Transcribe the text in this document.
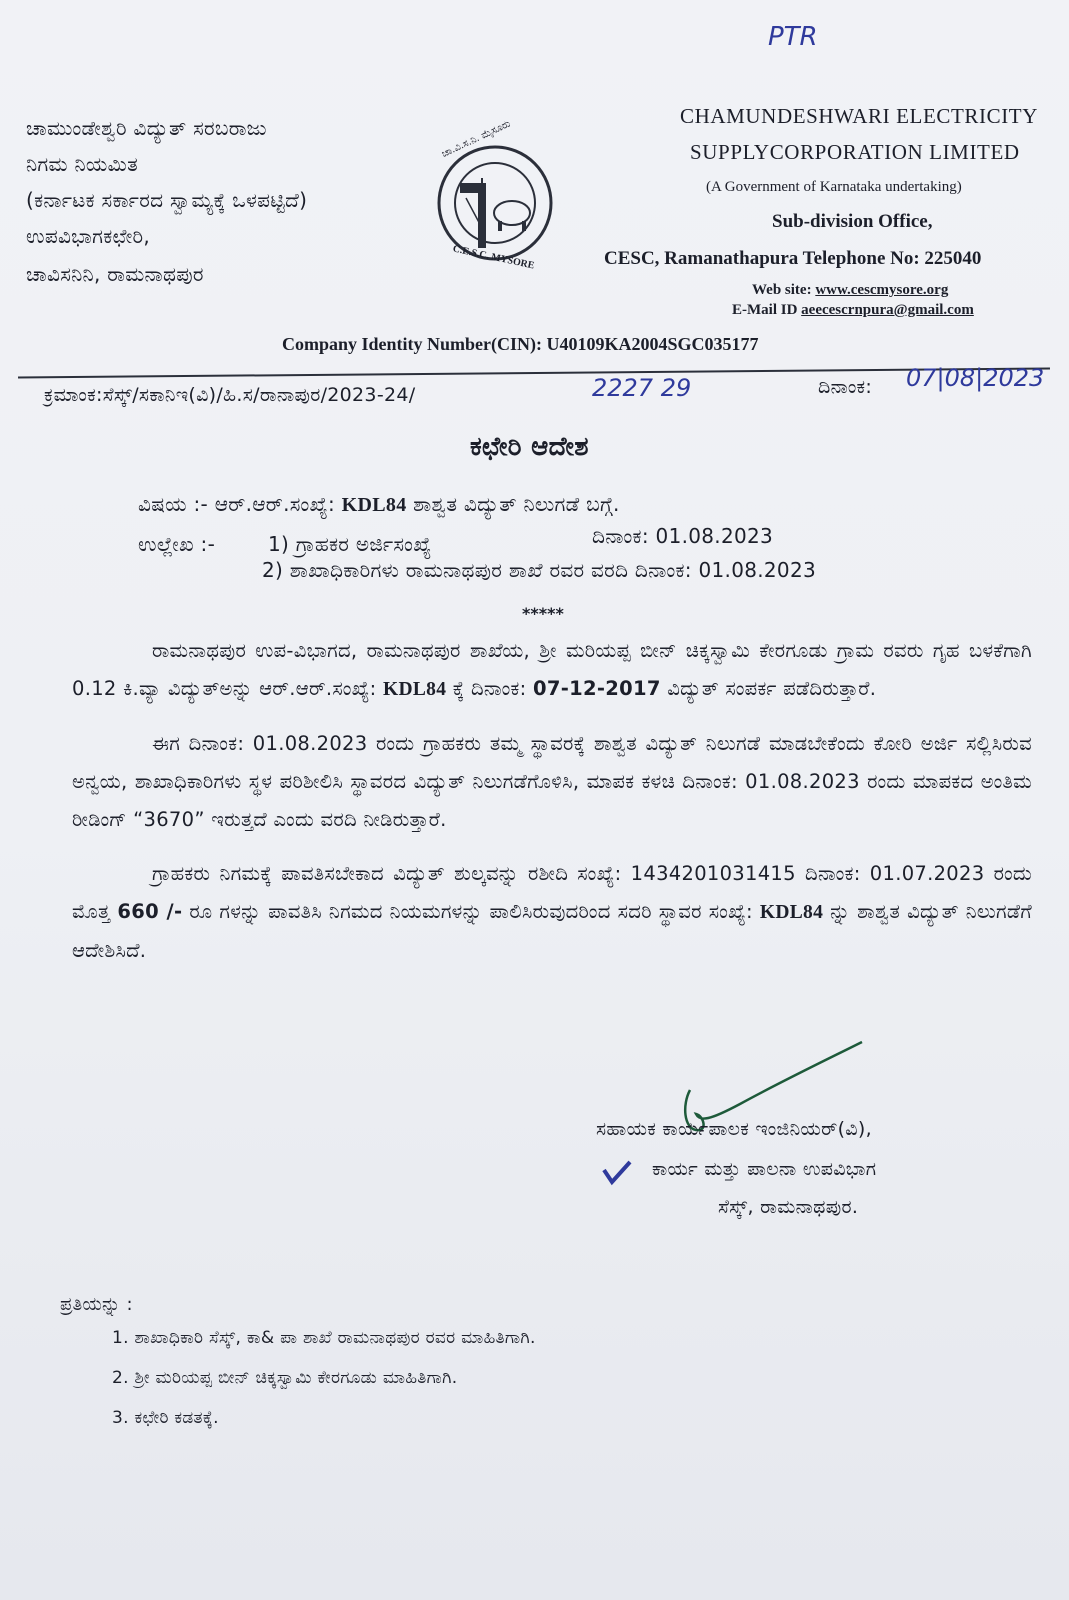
PTR
ಚಾಮುಂಡೇಶ್ವರಿ ವಿದ್ಯುತ್ ಸರಬರಾಜು
ನಿಗಮ ನಿಯಮಿತ
(ಕರ್ನಾಟಕ ಸರ್ಕಾರದ ಸ್ವಾಮ್ಯಕ್ಕೆ ಒಳಪಟ್ಟಿದೆ)
ಉಪವಿಭಾಗಕಛೇರಿ,
ಚಾವಿಸನಿನಿ, ರಾಮನಾಥಪುರ
ಚಾ.ವಿ.ಸ.ನಿ. ಮೈಸೂರು
C.E.S.C. MYSORE
CHAMUNDESHWARI ELECTRICITY
SUPPLYCORPORATION LIMITED
(A Government of Karnataka undertaking)
Sub-division Office,
CESC, Ramanathapura Telephone No: 225040
Web site: www.cescmysore.org
E-Mail ID aeecescrnpura@gmail.com
Company Identity Number(CIN): U40109KA2004SGC035177
ಕ್ರಮಾಂಕ:ಸೆಸ್ಕ್/ಸಕಾನಿಇ(ವಿ)/ಹಿ.ಸ/ರಾನಾಪುರ/2023-24/	2227 29	ದಿನಾಂಕ: 07|08|2023
ಕಛೇರಿ ಆದೇಶ
ವಿಷಯ :- ಆರ್.ಆರ್.ಸಂಖ್ಯೆ: KDL84 ಶಾಶ್ವತ ವಿದ್ಯುತ್ ನಿಲುಗಡೆ ಬಗ್ಗೆ.
ಉಲ್ಲೇಖ :-	1) ಗ್ರಾಹಕರ ಅರ್ಜಿಸಂಖ್ಯೆ	ದಿನಾಂಕ: 01.08.2023
2) ಶಾಖಾಧಿಕಾರಿಗಳು ರಾಮನಾಥಪುರ ಶಾಖೆ ರವರ ವರದಿ ದಿನಾಂಕ: 01.08.2023
*****

ರಾಮನಾಥಪುರ ಉಪ-ವಿಭಾಗದ, ರಾಮನಾಥಪುರ ಶಾಖೆಯ, ಶ್ರೀ ಮರಿಯಪ್ಪ ಬೀನ್ ಚಿಕ್ಕಸ್ವಾಮಿ ಕೇರಗೂಡು ಗ್ರಾಮ ರವರು ಗೃಹ ಬಳಕೆಗಾಗಿ 0.12 ಕಿ.ವ್ಯಾ ವಿದ್ಯುತ್‌ಅನ್ನು ಆರ್.ಆರ್.ಸಂಖ್ಯೆ: KDL84 ಕ್ಕೆ ದಿನಾಂಕ: 07-12-2017 ವಿದ್ಯುತ್ ಸಂಪರ್ಕ ಪಡೆದಿರುತ್ತಾರೆ.

ಈಗ ದಿನಾಂಕ: 01.08.2023 ರಂದು ಗ್ರಾಹಕರು ತಮ್ಮ ಸ್ಥಾವರಕ್ಕೆ ಶಾಶ್ವತ ವಿದ್ಯುತ್ ನಿಲುಗಡೆ ಮಾಡಬೇಕೆಂದು ಕೋರಿ ಅರ್ಜಿ ಸಲ್ಲಿಸಿರುವ ಅನ್ವಯ, ಶಾಖಾಧಿಕಾರಿಗಳು ಸ್ಥಳ ಪರಿಶೀಲಿಸಿ ಸ್ಥಾವರದ ವಿದ್ಯುತ್ ನಿಲುಗಡೆಗೊಳಿಸಿ, ಮಾಪಕ ಕಳಚಿ ದಿನಾಂಕ: 01.08.2023 ರಂದು ಮಾಪಕದ ಅಂತಿಮ ರೀಡಿಂಗ್ “3670” ಇರುತ್ತದೆ ಎಂದು ವರದಿ ನೀಡಿರುತ್ತಾರೆ.

ಗ್ರಾಹಕರು ನಿಗಮಕ್ಕೆ ಪಾವತಿಸಬೇಕಾದ ವಿದ್ಯುತ್ ಶುಲ್ಕವನ್ನು ರಶೀದಿ ಸಂಖ್ಯೆ: 1434201031415 ದಿನಾಂಕ: 01.07.2023 ರಂದು ಮೊತ್ತ 660 /- ರೂ ಗಳನ್ನು ಪಾವತಿಸಿ ನಿಗಮದ ನಿಯಮಗಳನ್ನು ಪಾಲಿಸಿರುವುದರಿಂದ ಸದರಿ ಸ್ಥಾವರ ಸಂಖ್ಯೆ: KDL84 ನ್ನು ಶಾಶ್ವತ ವಿದ್ಯುತ್ ನಿಲುಗಡೆಗೆ ಆದೇಶಿಸಿದೆ.

ಸಹಾಯಕ ಕಾರ್ಯಪಾಲಕ ಇಂಜಿನಿಯರ್(ವಿ),
ಕಾರ್ಯ ಮತ್ತು ಪಾಲನಾ ಉಪವಿಭಾಗ
ಸೆಸ್ಕ್, ರಾಮನಾಥಪುರ.
ಪ್ರತಿಯನ್ನು :
1. ಶಾಖಾಧಿಕಾರಿ ಸೆಸ್ಕ್, ಕಾ& ಪಾ ಶಾಖೆ ರಾಮನಾಥಪುರ ರವರ ಮಾಹಿತಿಗಾಗಿ.
2. ಶ್ರೀ ಮರಿಯಪ್ಪ ಬೀನ್ ಚಿಕ್ಕಸ್ವಾಮಿ ಕೇರಗೂಡು ಮಾಹಿತಿಗಾಗಿ.
3. ಕಛೇರಿ ಕಡತಕ್ಕೆ.
